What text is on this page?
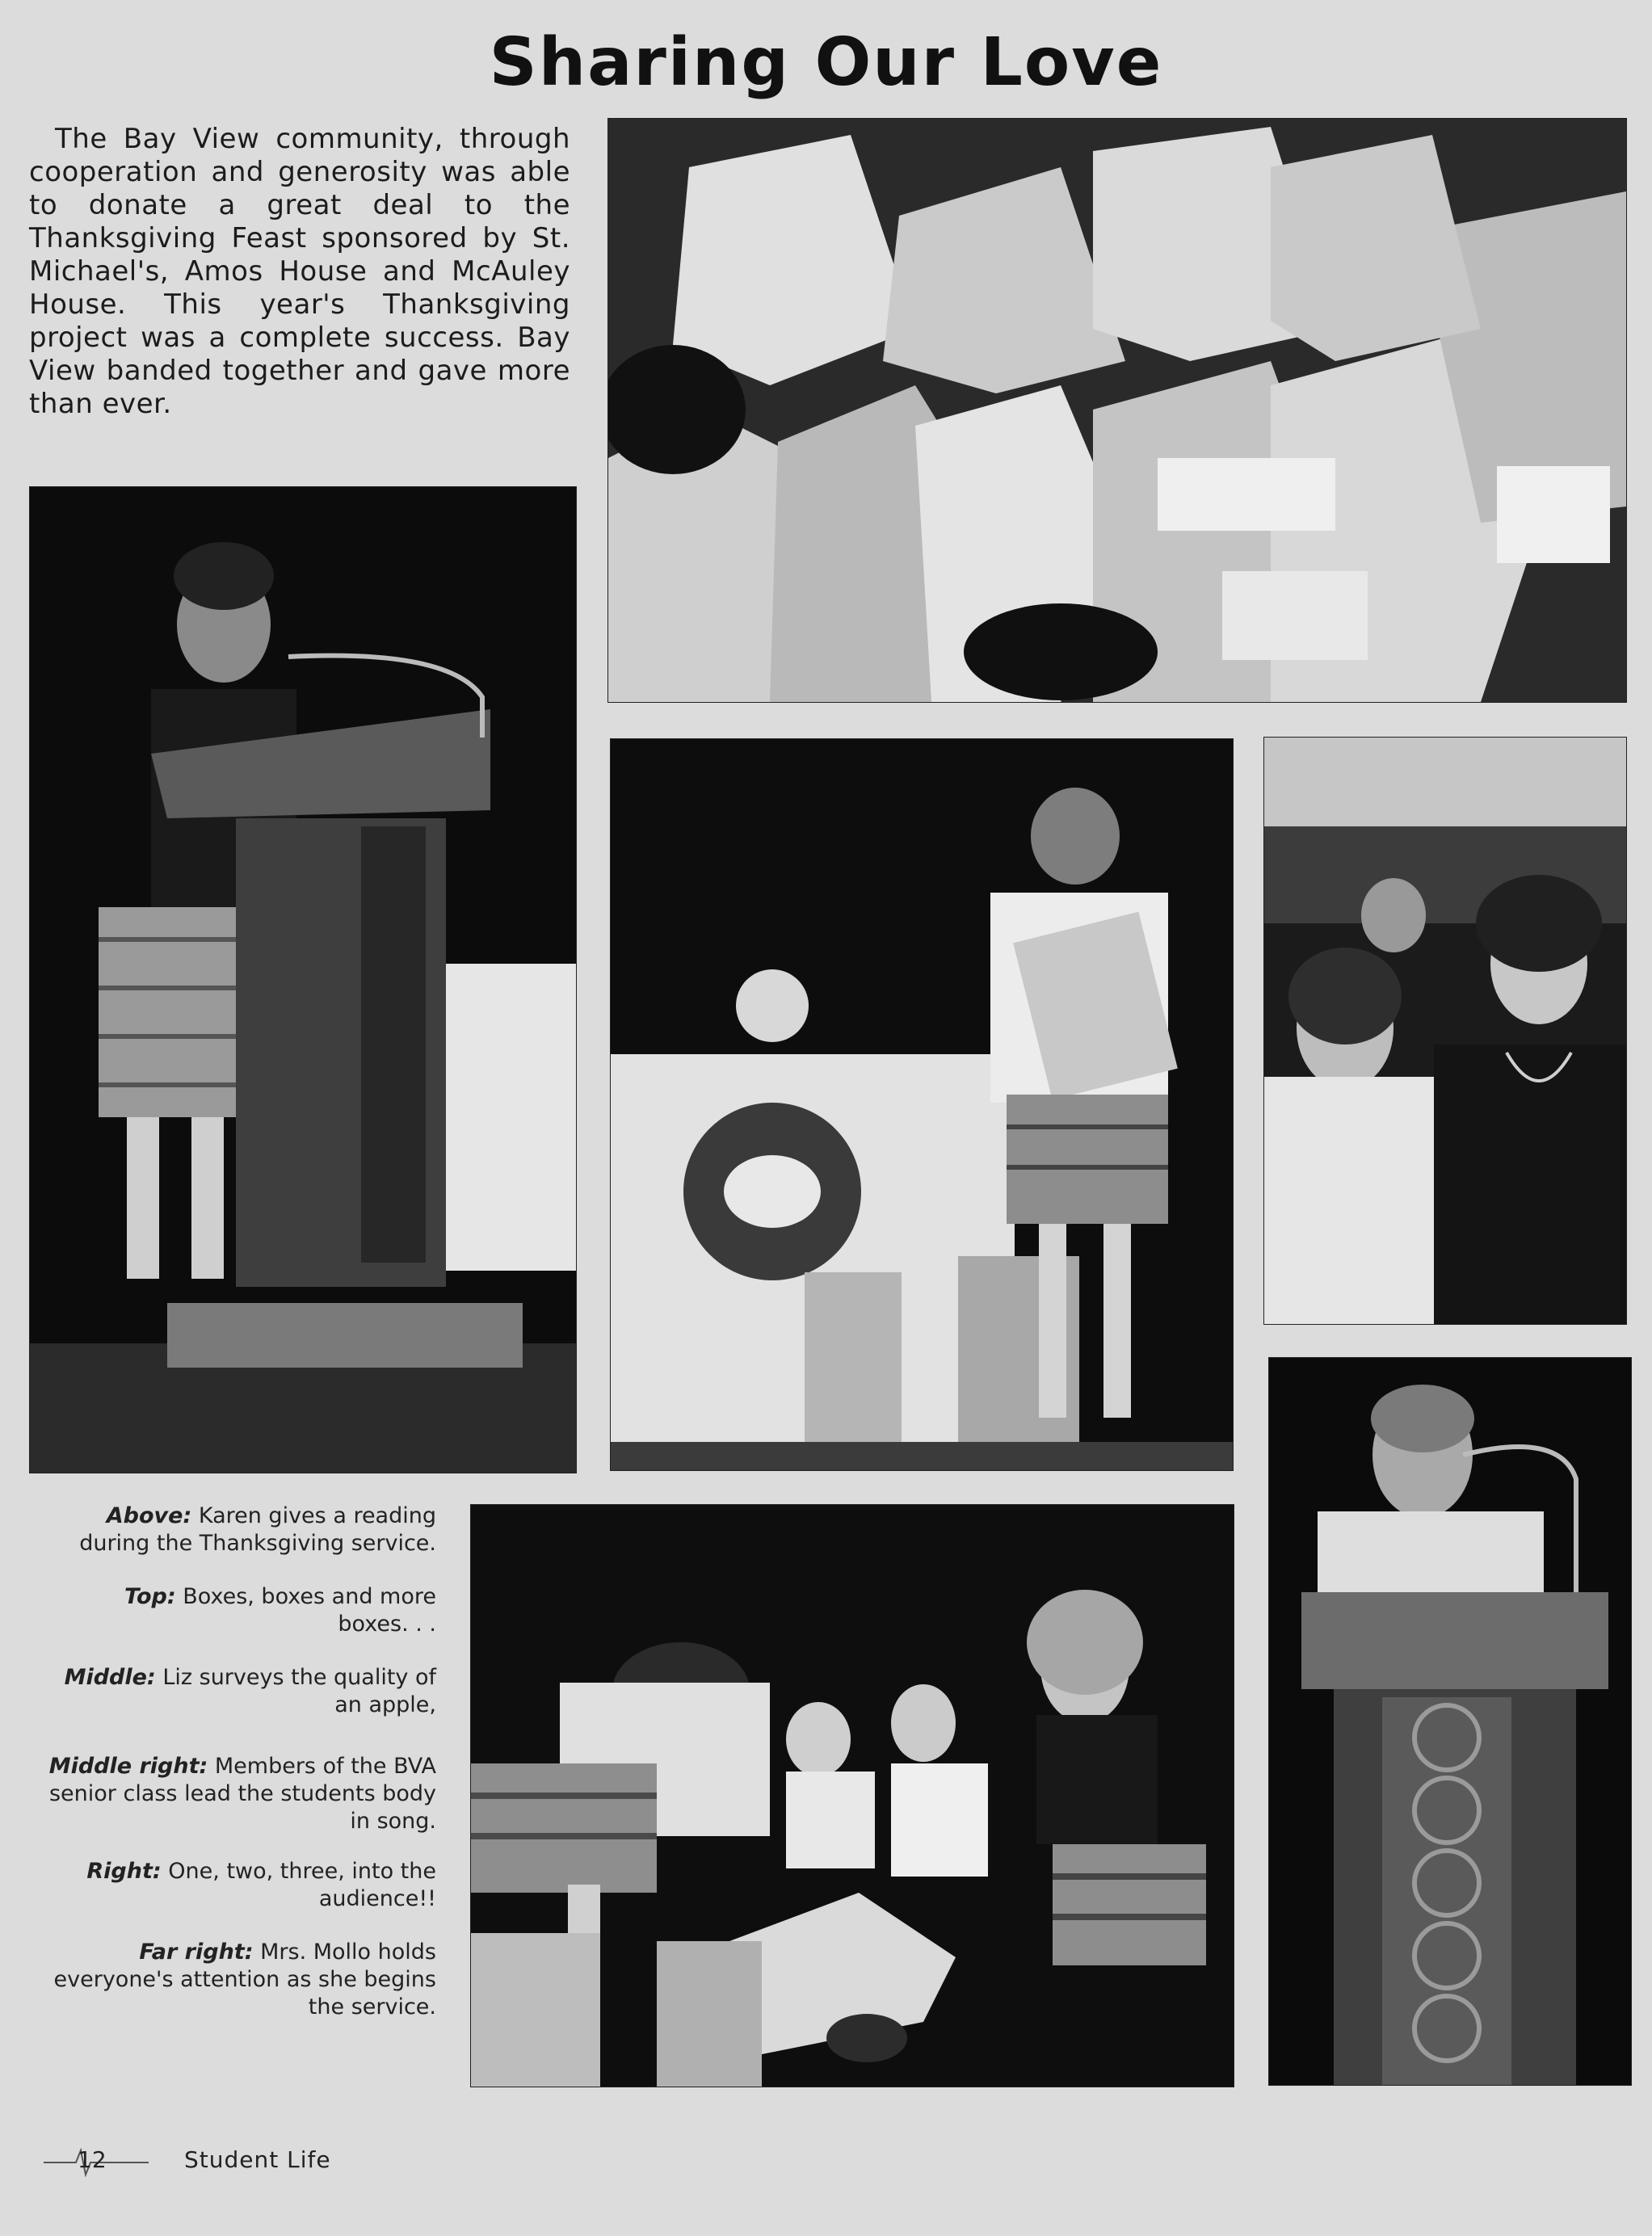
Sharing Our Love
The Bay View community, through cooperation and generosity was able to donate a great deal to the Thanksgiving Feast sponsored by St. Michael's, Amos House and McAuley House. This year's Thanksgiving project was a complete success. Bay View banded together and gave more than ever.
Above: Karen gives a reading during the Thanksgiving service.
Top: Boxes, boxes and more boxes. . .
Middle: Liz surveys the quality of an apple,
Middle right: Members of the BVA senior class lead the students body in song.
Right: One, two, three, into the audience!!
Far right: Mrs. Mollo holds everyone's attention as she begins the service.
12	Student Life
